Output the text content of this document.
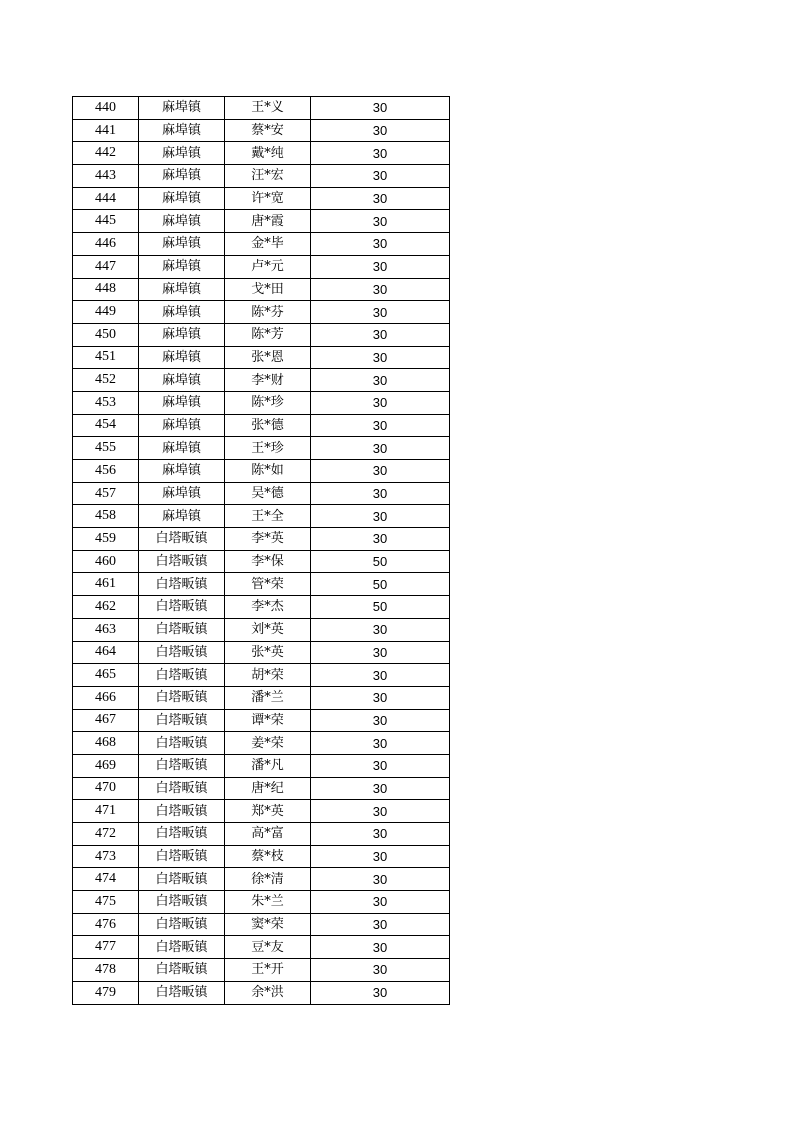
440	麻埠镇	王*义	30
441	麻埠镇	蔡*安	30
442	麻埠镇	戴*纯	30
443	麻埠镇	汪*宏	30
444	麻埠镇	许*宽	30
445	麻埠镇	唐*霞	30
446	麻埠镇	金*毕	30
447	麻埠镇	卢*元	30
448	麻埠镇	戈*田	30
449	麻埠镇	陈*芬	30
450	麻埠镇	陈*芳	30
451	麻埠镇	张*恩	30
452	麻埠镇	李*财	30
453	麻埠镇	陈*珍	30
454	麻埠镇	张*德	30
455	麻埠镇	王*珍	30
456	麻埠镇	陈*如	30
457	麻埠镇	吴*德	30
458	麻埠镇	王*全	30
459	白塔畈镇	李*英	30
460	白塔畈镇	李*保	50
461	白塔畈镇	管*荣	50
462	白塔畈镇	李*杰	50
463	白塔畈镇	刘*英	30
464	白塔畈镇	张*英	30
465	白塔畈镇	胡*荣	30
466	白塔畈镇	潘*兰	30
467	白塔畈镇	谭*荣	30
468	白塔畈镇	姜*荣	30
469	白塔畈镇	潘*凡	30
470	白塔畈镇	唐*纪	30
471	白塔畈镇	郑*英	30
472	白塔畈镇	高*富	30
473	白塔畈镇	蔡*枝	30
474	白塔畈镇	徐*清	30
475	白塔畈镇	朱*兰	30
476	白塔畈镇	窦*荣	30
477	白塔畈镇	豆*友	30
478	白塔畈镇	王*开	30
479	白塔畈镇	余*洪	30
